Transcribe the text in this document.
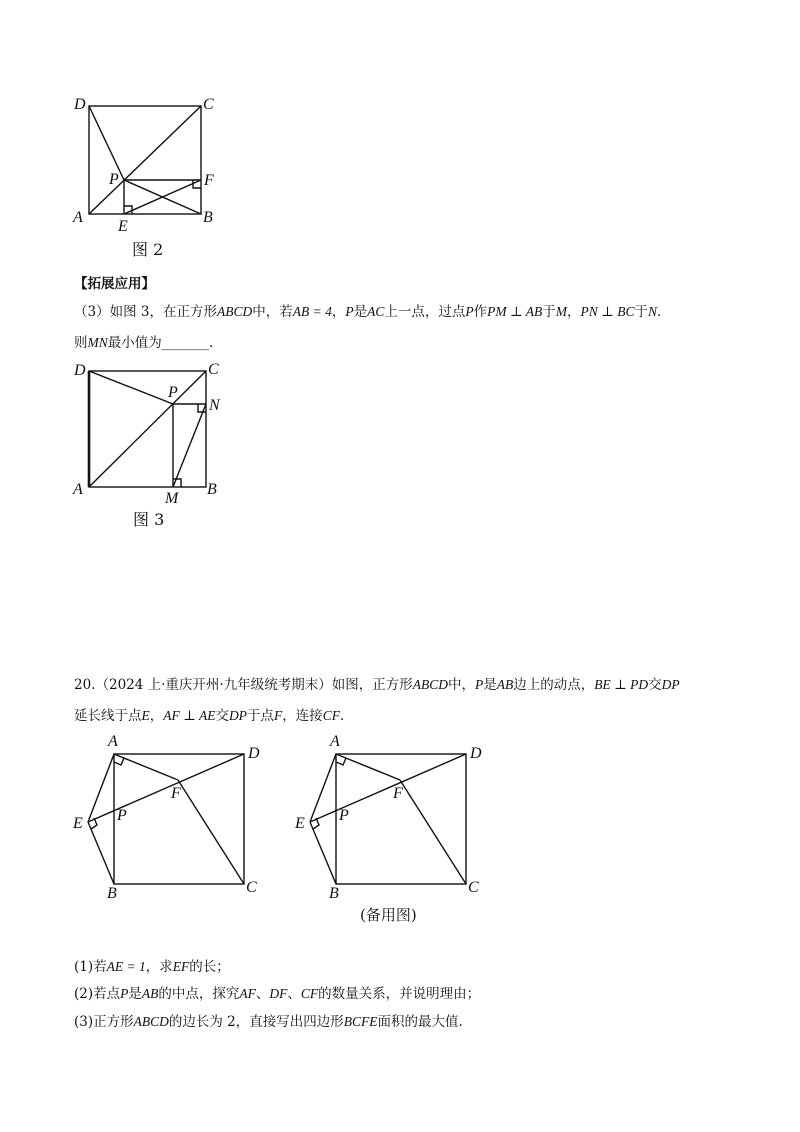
D	C
P	F
A
E
B
图 2
【拓展应用】
（3）如图 3，在正方形ABCD中，若AB = 4，P是AC上一点，过点P作PM ⊥ AB于M，PN ⊥ BC于N．
则MN最小值为_______.
D	C
P
N
A
M
B
图 3
20.（2024 上·重庆开州·九年级统考期末）如图，正方形ABCD中，P是AB边上的动点，BE ⊥ PD交DP
延长线于点E，AF ⊥ AE交DP于点F，连接CF．
A
D
F
E P
B	C
A
D
F
E P
B	C
(备用图)
(1)若AE = 1，求EF的长；
(2)若点P是AB的中点，探究AF、DF、CF的数量关系，并说明理由；
(3)正方形ABCD的边长为 2，直接写出四边形BCFE面积的最大值.
